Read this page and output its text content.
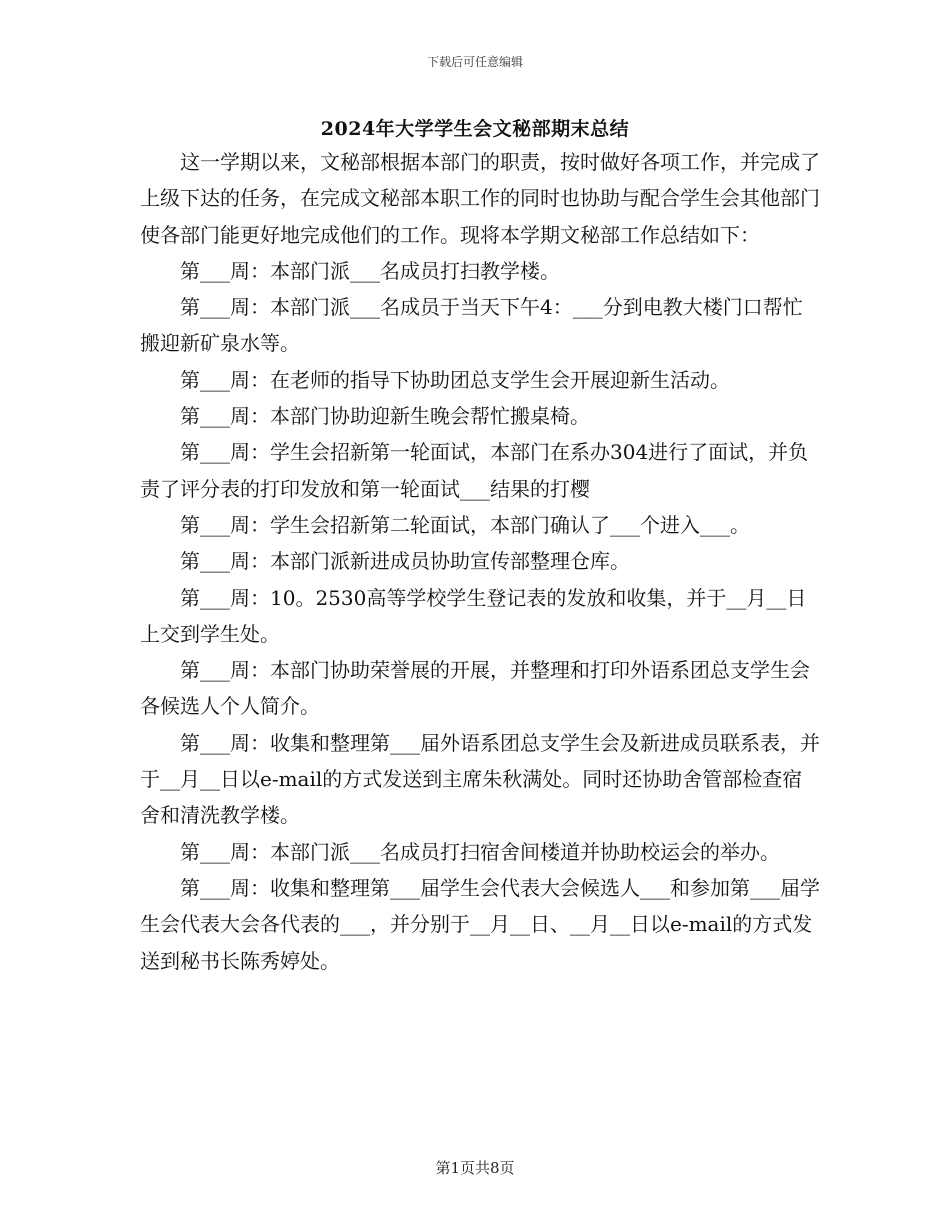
下载后可任意编辑
2024年大学学生会文秘部期末总结

这一学期以来，文秘部根据本部门的职责，按时做好各项工作，并完成了上级下达的任务，在完成文秘部本职工作的同时也协助与配合学生会其他部门使各部门能更好地完成他们的工作。现将本学期文秘部工作总结如下：

第___周：本部门派___名成员打扫教学楼。

第___周：本部门派___名成员于当天下午4：___分到电教大楼门口帮忙搬迎新矿泉水等。

第___周：在老师的指导下协助团总支学生会开展迎新生活动。

第___周：本部门协助迎新生晚会帮忙搬桌椅。

第___周：学生会招新第一轮面试，本部门在系办304进行了面试，并负责了评分表的打印发放和第一轮面试___结果的打樱

第___周：学生会招新第二轮面试，本部门确认了___个进入___。

第___周：本部门派新进成员协助宣传部整理仓库。

第___周：10。2530高等学校学生登记表的发放和收集，并于__月__日上交到学生处。

第___周：本部门协助荣誉展的开展，并整理和打印外语系团总支学生会各候选人个人简介。

第___周：收集和整理第___届外语系团总支学生会及新进成员联系表，并于__月__日以e-mail的方式发送到主席朱秋满处。同时还协助舍管部检查宿舍和清洗教学楼。

第___周：本部门派___名成员打扫宿舍间楼道并协助校运会的举办。

第___周：收集和整理第___届学生会代表大会候选人___和参加第___届学生会代表大会各代表的___，并分别于__月__日、__月__日以e-mail的方式发送到秘书长陈秀婷处。

第1页共8页
